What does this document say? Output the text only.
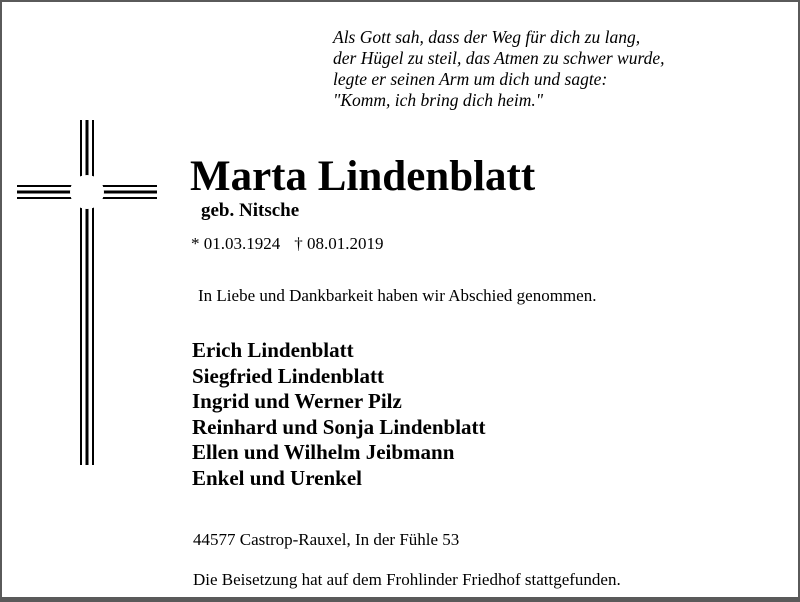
Als Gott sah, dass der Weg für dich zu lang,
der Hügel zu steil, das Atmen zu schwer wurde,
legte er seinen Arm um dich und sagte:
"Komm, ich bring dich heim."
Marta Lindenblatt
geb. Nitsche
* 01.03.1924 † 08.01.2019
In Liebe und Dankbarkeit haben wir Abschied genommen.
Erich Lindenblatt
Siegfried Lindenblatt
Ingrid und Werner Pilz
Reinhard und Sonja Lindenblatt
Ellen und Wilhelm Jeibmann
Enkel und Urenkel
44577 Castrop-Rauxel, In der Fühle 53
Die Beisetzung hat auf dem Frohlinder Friedhof stattgefunden.
